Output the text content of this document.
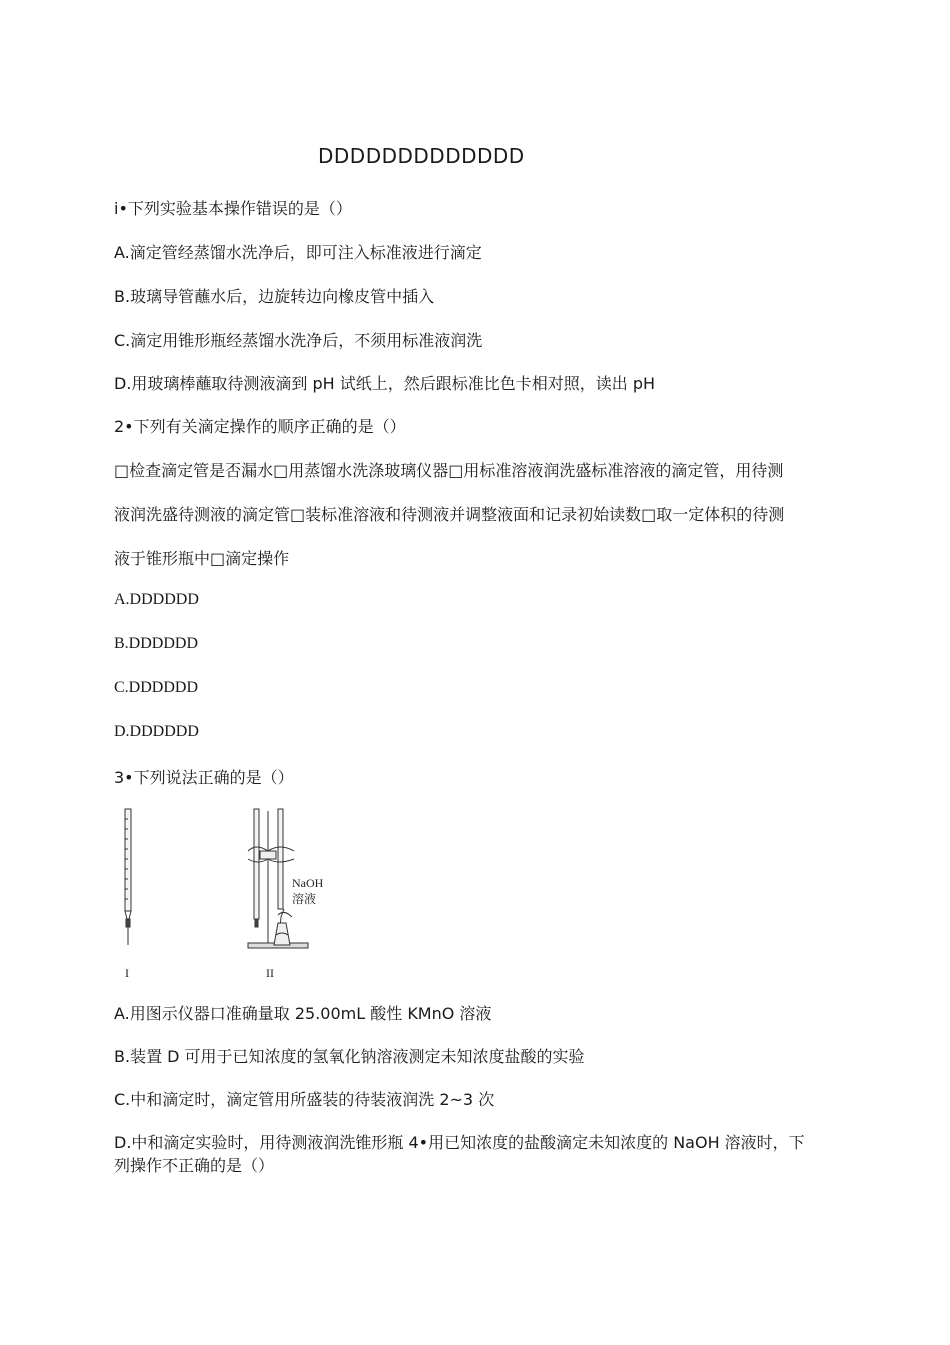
DDDDDDDDDDDDD
i•下列实验基本操作错误的是（）
A.滴定管经蒸馏水洗净后，即可注入标准液进行滴定
B.玻璃导管蘸水后，边旋转边向橡皮管中插入
C.滴定用锥形瓶经蒸馏水洗净后，不须用标准液润洗
D.用玻璃棒蘸取待测液滴到 pH 试纸上，然后跟标准比色卡相对照，读出 pH
2•下列有关滴定操作的顺序正确的是（）
□检查滴定管是否漏水□用蒸馏水洗涤玻璃仪器□用标准溶液润洗盛标准溶液的滴定管，用待测
液润洗盛待测液的滴定管□装标准溶液和待测液并调整液面和记录初始读数□取一定体积的待测
液于锥形瓶中□滴定操作
A.DDDDDD
B.DDDDDD
C.DDDDDD
D.DDDDDD
3•下列说法正确的是（）
I
NaOH
溶液
II
A.用图示仪器口准确量取 25.00mL 酸性 KMnO 溶液
B.装置 D 可用于已知浓度的氢氧化钠溶液测定未知浓度盐酸的实验
C.中和滴定时，滴定管用所盛装的待装液润洗 2~3 次
D.中和滴定实验时，用待测液润洗锥形瓶 4•用已知浓度的盐酸滴定未知浓度的 NaOH 溶液时，下
列操作不正确的是（）
